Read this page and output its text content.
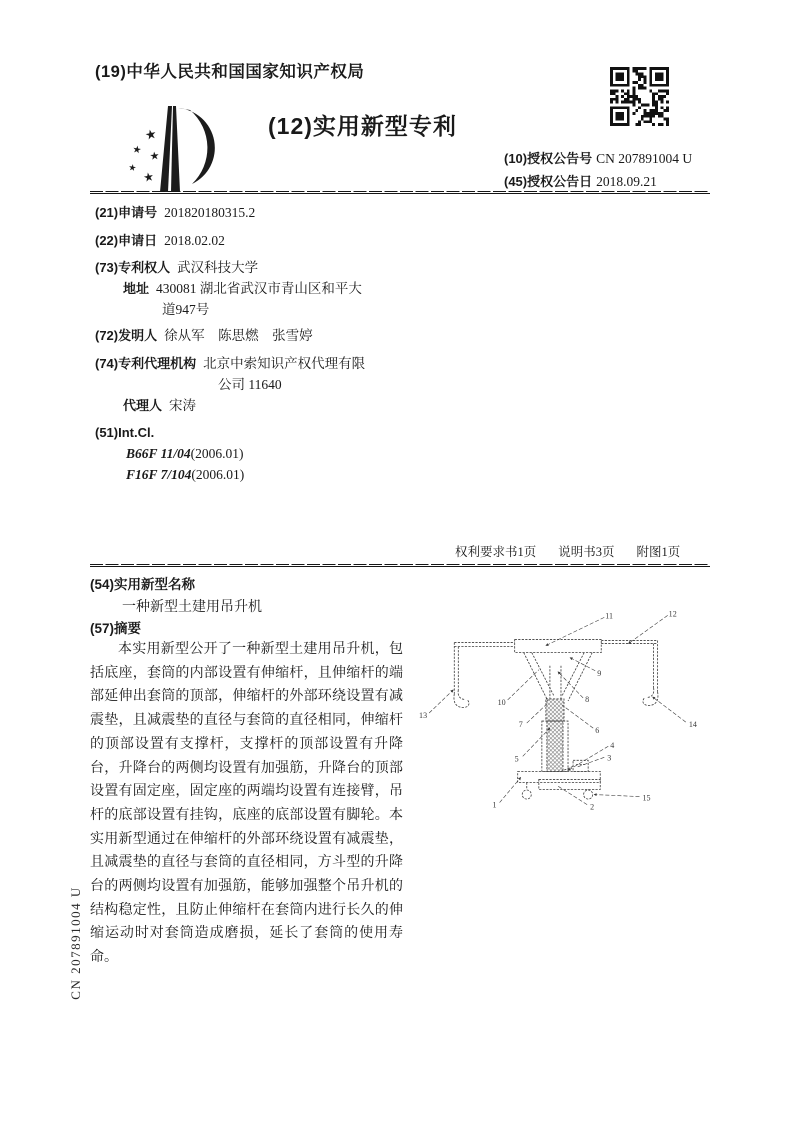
(19)中华人民共和国国家知识产权局
★
★ ★
★
★
(12)实用新型专利
(10)授权公告号 CN 207891004 U
(45)授权公告日 2018.09.21
(21)申请号 201820180315.2
(22)申请日 2018.02.02
(73)专利权人 武汉科技大学
地址 430081 湖北省武汉市青山区和平大
道947号
(72)发明人 徐从军　陈思燃　张雪婷
(74)专利代理机构 北京中索知识产权代理有限
公司 11640
代理人 宋涛
(51)Int.Cl.
B66F 11/04(2006.01)
F16F 7/104(2006.01)
权利要求书1页 说明书3页 附图1页
(54)实用新型名称
一种新型土建用吊升机
(57)摘要
本实用新型公开了一种新型土建用吊升机，包括底座，套筒的内部设置有伸缩杆，且伸缩杆的端部延伸出套筒的顶部，伸缩杆的外部环绕设置有减震垫，且减震垫的直径与套筒的直径相同，伸缩杆的顶部设置有支撑杆，支撑杆的顶部设置有升降台，升降台的两侧均设置有加强筋，升降台的顶部设置有固定座，固定座的两端均设置有连接臂，吊杆的底部设置有挂钩，底座的底部设置有脚轮。本实用新型通过在伸缩杆的外部环绕设置有减震垫，且减震垫的直径与套筒的直径相同，方斗型的升降台的两侧均设置有加强筋，能够加强整个吊升机的结构稳定性，且防止伸缩杆在套筒内进行长久的伸缩运动时对套筒造成磨损，延长了套筒的使用寿命。
11	12
9
10	8
6
7
5
13
14
4
3
1	2
15
CN 207891004 U
